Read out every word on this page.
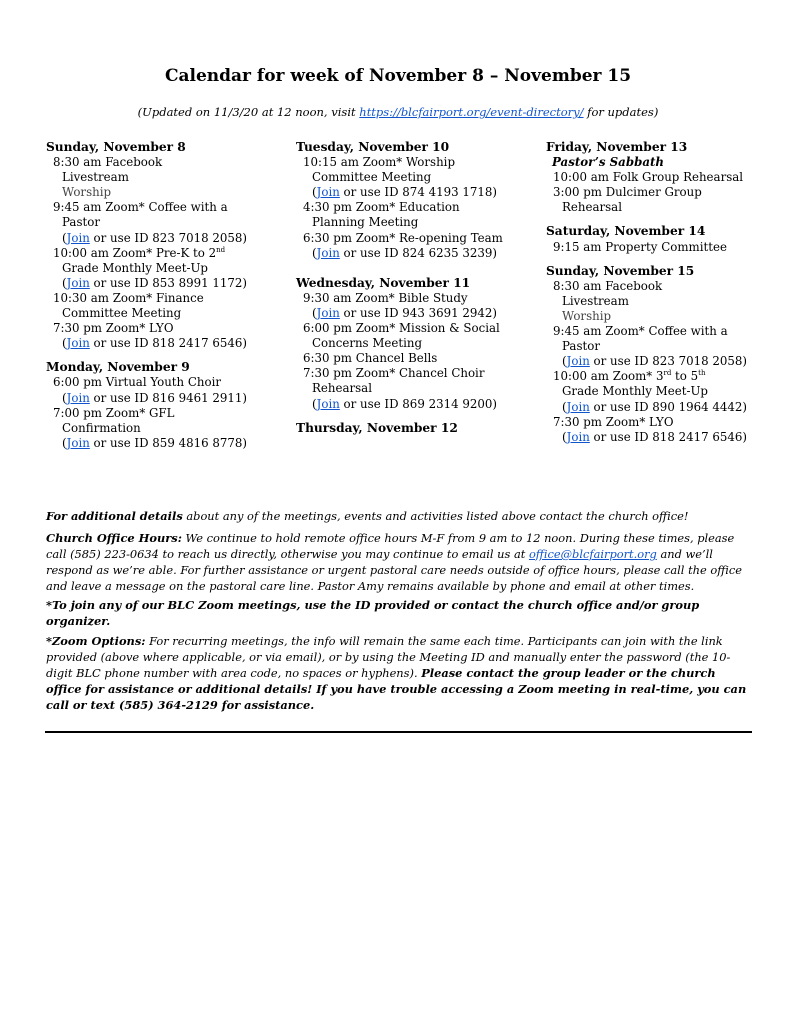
Calendar for week of November 8 – November 15
(Updated on 11/3/20 at 12 noon, visit https://blcfairport.org/event-directory/ for updates)
Sunday, November 8
8:30 am Facebook
Livestream
Worship
9:45 am Zoom* Coffee with a
Pastor
(Join or use ID 823 7018 2058)
10:00 am Zoom* Pre-K to 2nd
Grade Monthly Meet-Up
(Join or use ID 853 8991 1172)
10:30 am Zoom* Finance
Committee Meeting
7:30 pm Zoom* LYO
(Join or use ID 818 2417 6546)
Monday, November 9
6:00 pm Virtual Youth Choir
(Join or use ID 816 9461 2911)
7:00 pm Zoom* GFL
Confirmation
(Join or use ID 859 4816 8778)
Tuesday, November 10
10:15 am Zoom* Worship
Committee Meeting
(Join or use ID 874 4193 1718)
4:30 pm Zoom* Education
Planning Meeting
6:30 pm Zoom* Re-opening Team
(Join or use ID 824 6235 3239)
Wednesday, November 11
9:30 am Zoom* Bible Study
(Join or use ID 943 3691 2942)
6:00 pm Zoom* Mission & Social
Concerns Meeting
6:30 pm Chancel Bells
7:30 pm Zoom* Chancel Choir
Rehearsal
(Join or use ID 869 2314 9200)
Thursday, November 12
Friday, November 13
Pastor’s Sabbath
10:00 am Folk Group Rehearsal
3:00 pm Dulcimer Group
Rehearsal
Saturday, November 14
9:15 am Property Committee
Sunday, November 15
8:30 am Facebook
Livestream
Worship
9:45 am Zoom* Coffee with a
Pastor
(Join or use ID 823 7018 2058)
10:00 am Zoom* 3rd to 5th
Grade Monthly Meet-Up
(Join or use ID 890 1964 4442)
7:30 pm Zoom* LYO
(Join or use ID 818 2417 6546)
For additional details about any of the meetings, events and activities listed above contact the church office!
Church Office Hours: We continue to hold remote office hours M-F from 9 am to 12 noon. During these times, please call (585) 223-0634 to reach us directly, otherwise you may continue to email us at office@blcfairport.org and we’ll respond as we’re able. For further assistance or urgent pastoral care needs outside of office hours, please call the office and leave a message on the pastoral care line. Pastor Amy remains available by phone and email at other times.
*To join any of our BLC Zoom meetings, use the ID provided or contact the church office and/or group organizer.
*Zoom Options: For recurring meetings, the info will remain the same each time. Participants can join with the link provided (above where applicable, or via email), or by using the Meeting ID and manually enter the password (the 10-digit BLC phone number with area code, no spaces or hyphens). Please contact the group leader or the church office for assistance or additional details! If you have trouble accessing a Zoom meeting in real-time, you can call or text (585) 364-2129 for assistance.
